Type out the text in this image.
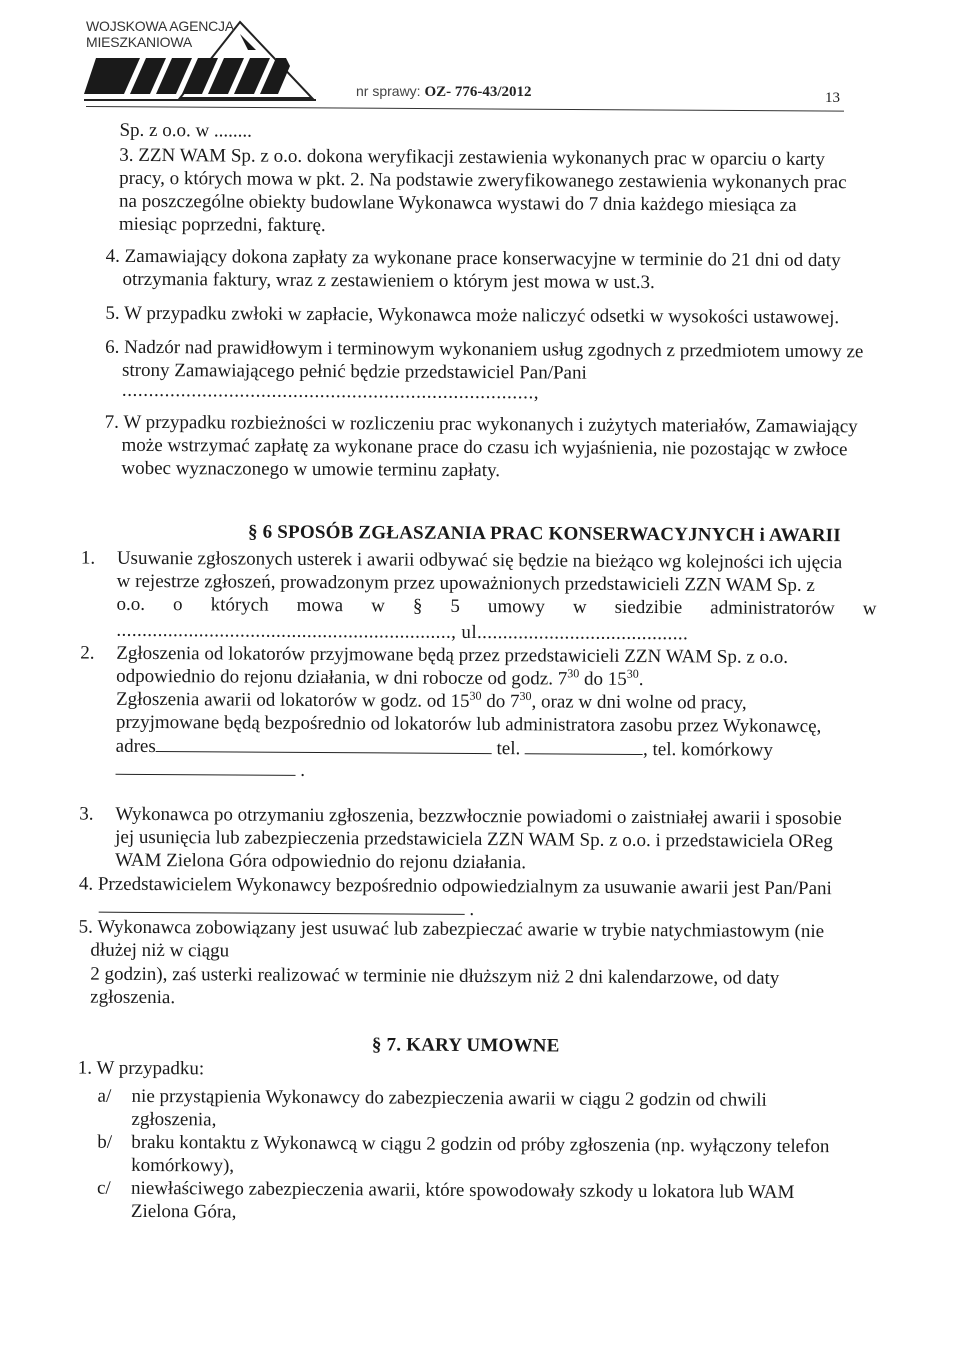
WOJSKOWA AGENCJA
MIESZKANIOWA
nr sprawy: OZ- 776-43/2012	13
Sp. z o.o. w ........
3. ZZN WAM Sp. z o.o. dokona weryfikacji zestawienia wykonanych prac w oparciu o karty
pracy, o których mowa w pkt. 2. Na podstawie zweryfikowanego zestawienia wykonanych prac
na poszczególne obiekty budowlane Wykonawca wystawi do 7 dnia każdego miesiąca za
miesiąc poprzedni, fakturę.
4. Zamawiający dokona zapłaty za wykonane prace konserwacyjne w terminie do 21 dni od daty
otrzymania faktury, wraz z zestawieniem o którym jest mowa w ust.3.
5. W przypadku zwłoki w zapłacie, Wykonawca może naliczyć odsetki w wysokości ustawowej.
6. Nadzór nad prawidłowym i terminowym wykonaniem usług zgodnych z przedmiotem umowy ze
strony Zamawiającego pełnić będzie przedstawiciel Pan/Pani
.............................................................................,
7. W przypadku rozbieżności w rozliczeniu prac wykonanych i zużytych materiałów, Zamawiający
może wstrzymać zapłatę za wykonane prace do czasu ich wyjaśnienia, nie pozostając w zwłoce
wobec wyznaczonego w umowie terminu zapłaty.
§ 6 SPOSÓB ZGŁASZANIA PRAC KONSERWACYJNYCH i AWARII
1. Usuwanie zgłoszonych usterek i awarii odbywać się będzie na bieżąco wg kolejności ich ujęcia
w rejestrze zgłoszeń, prowadzonym przez upoważnionych przedstawicieli ZZN WAM Sp. z
o.o. o których mowa w § 5 umowy w siedzibie administratorów w
................................................................., ul.........................................
2. Zgłoszenia od lokatorów przyjmowane będą przez przedstawicieli ZZN WAM Sp. z o.o.
odpowiednio do rejonu działania, w dni robocze od godz. $7^{30}$ do $15^{30}$.
Zgłoszenia awarii od lokatorów w godz. od $15^{30}$ do $7^{30}$, oraz w dni wolne od pracy,
przyjmowane będą bezpośrednio od lokatorów lub administratora zasobu przez Wykonawcę,
adres	tel.	, tel. komórkowy
.
3. Wykonawca po otrzymaniu zgłoszenia, bezzwłocznie powiadomi o zaistniałej awarii i sposobie
jej usunięcia lub zabezpieczenia przedstawiciela ZZN WAM Sp. z o.o. i przedstawiciela OReg
WAM Zielona Góra odpowiednio do rejonu działania.
4. Przedstawicielem Wykonawcy bezpośrednio odpowiedzialnym za usuwanie awarii jest Pan/Pani
.
5. Wykonawca zobowiązany jest usuwać lub zabezpieczać awarie w trybie natychmiastowym (nie
dłużej niż w ciągu
2 godzin), zaś usterki realizować w terminie nie dłuższym niż 2 dni kalendarzowe, od daty
zgłoszenia.
§ 7. KARY UMOWNE
1. W przypadku:
a/ nie przystąpienia Wykonawcy do zabezpieczenia awarii w ciągu 2 godzin od chwili
zgłoszenia,
b/ braku kontaktu z Wykonawcą w ciągu 2 godzin od próby zgłoszenia (np. wyłączony telefon
komórkowy),
c/ niewłaściwego zabezpieczenia awarii, które spowodowały szkody u lokatora lub WAM
Zielona Góra,
